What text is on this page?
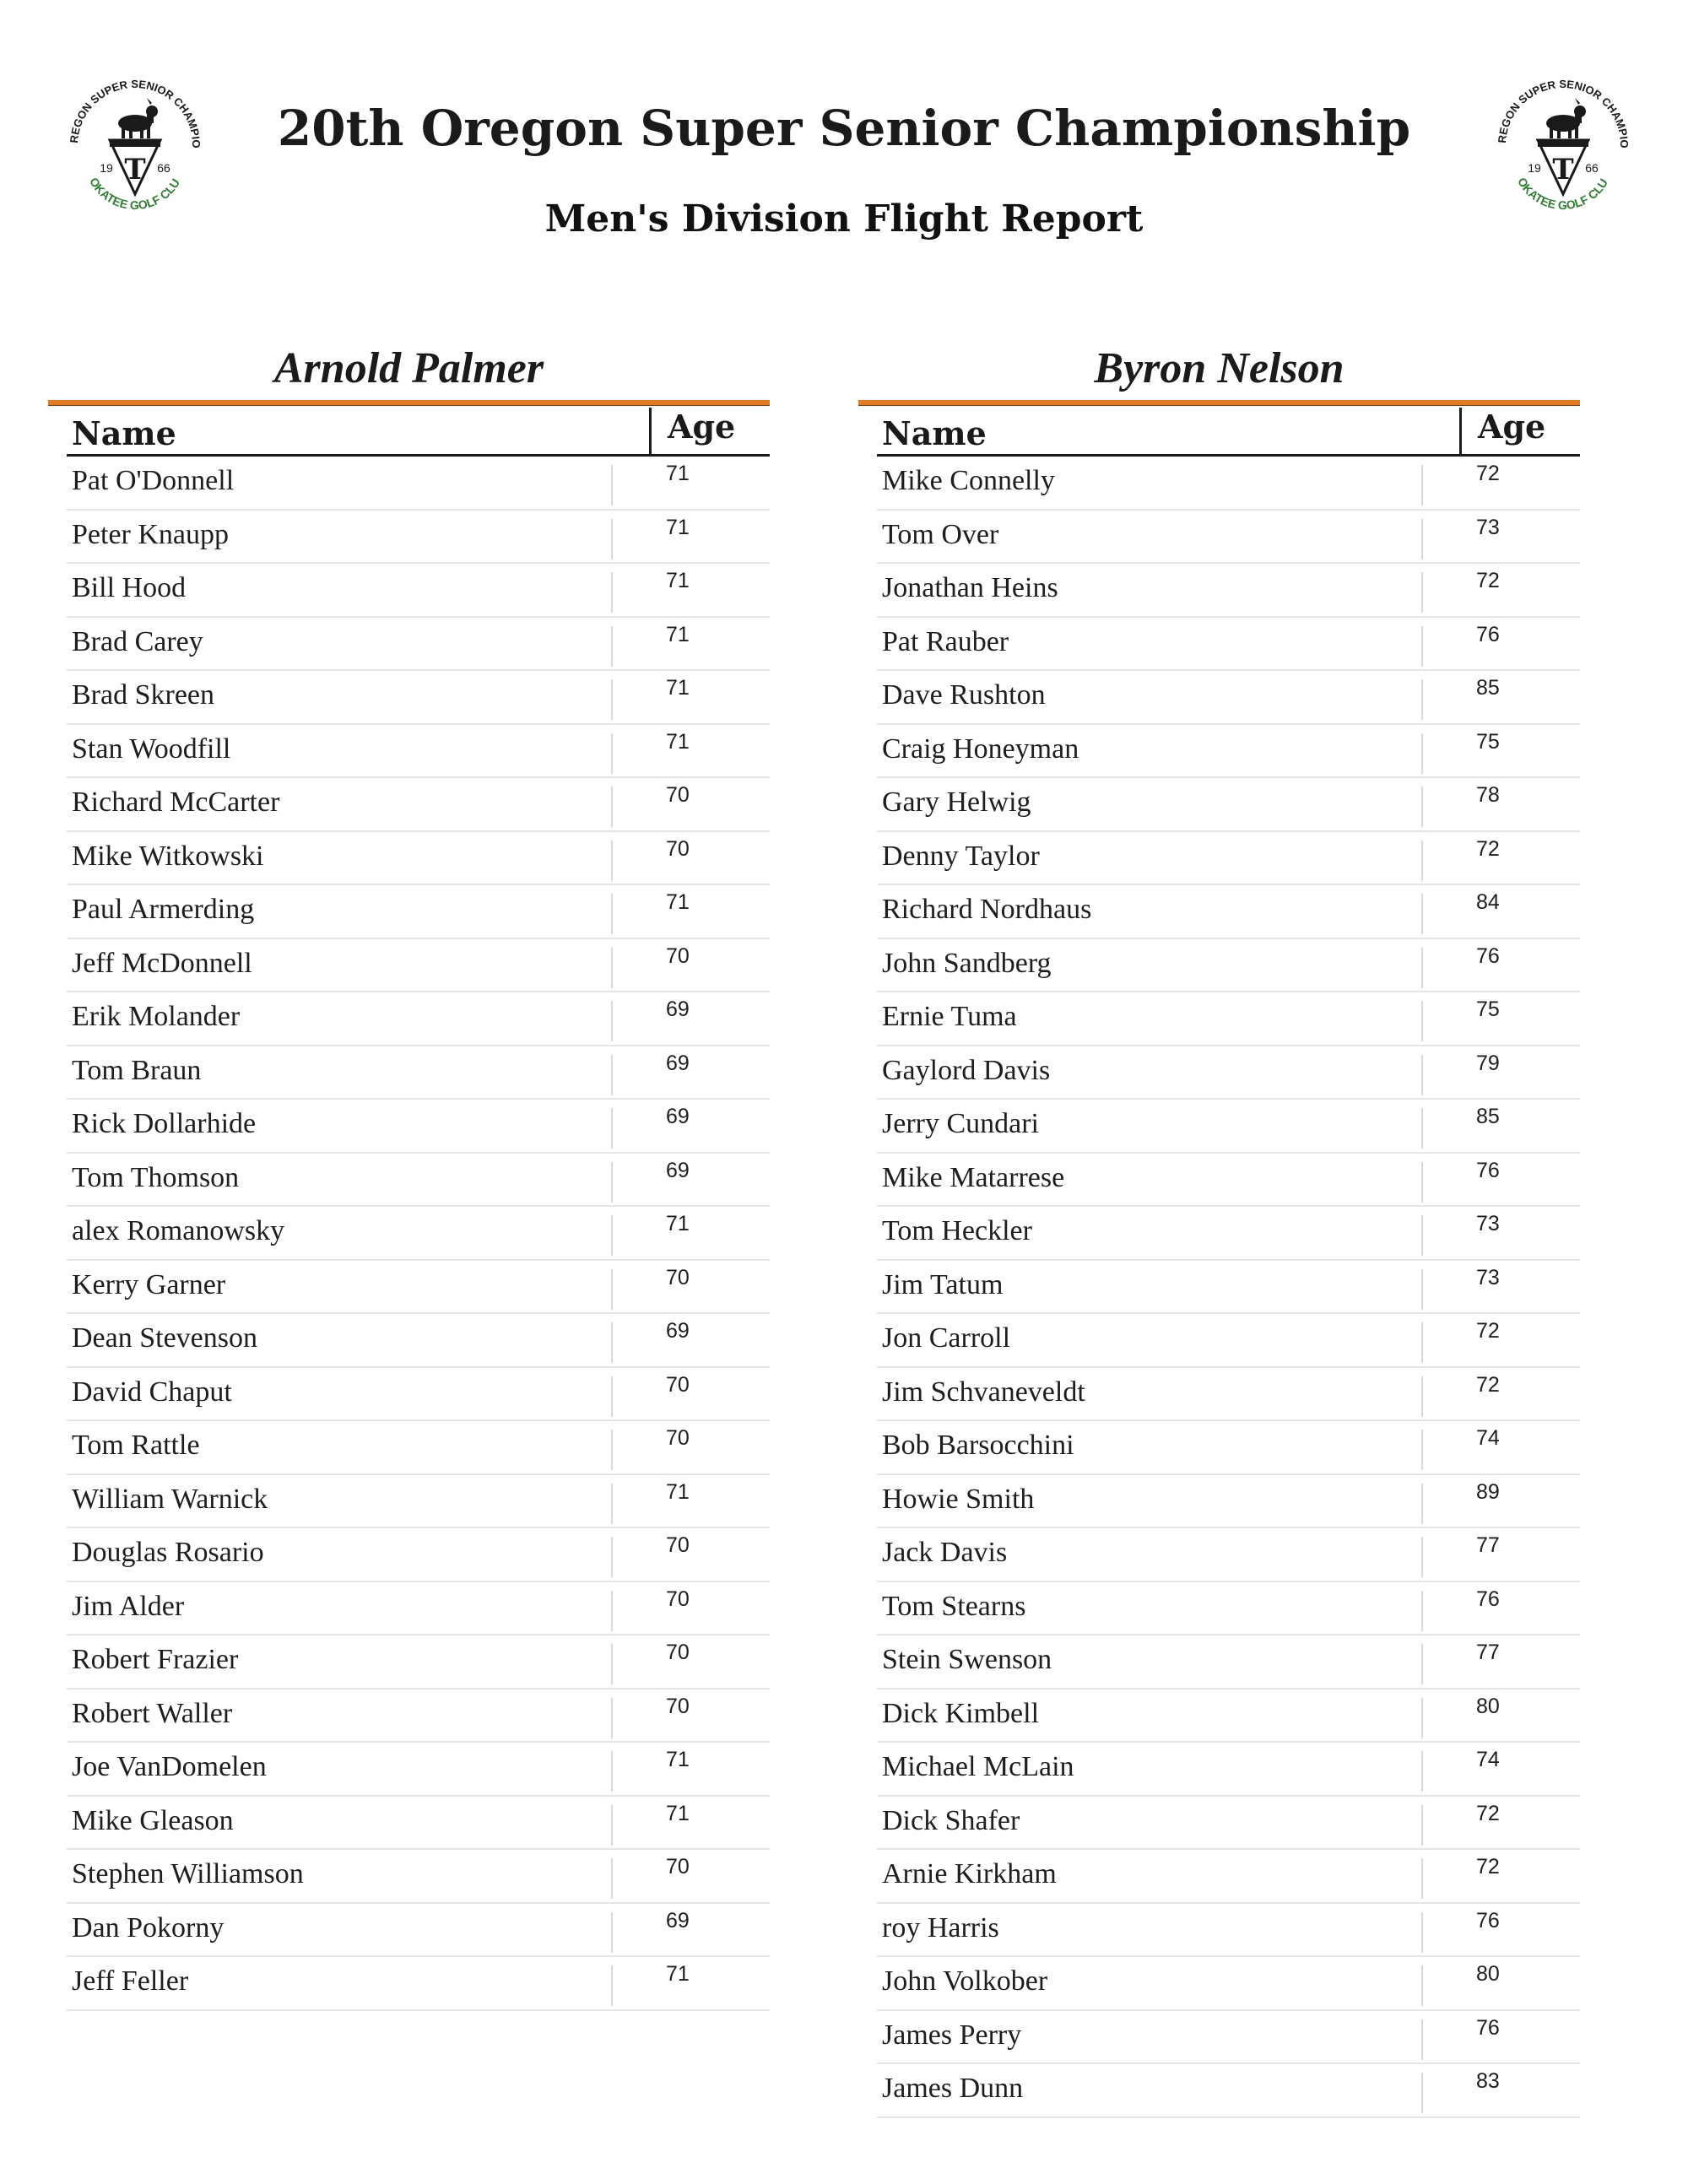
REGON SUPER SENIOR CHAMPIO
OKATEE GOLF CLU
T
19	66
REGON SUPER SENIOR CHAMPIO
OKATEE GOLF CLU
T
19	66
20th Oregon Super Senior Championship
Men's Division Flight Report
Arnold Palmer
Name	Age
Pat O'Donnell	71
Peter Knaupp	71
Bill Hood	71
Brad Carey	71
Brad Skreen	71
Stan Woodfill	71
Richard McCarter	70
Mike Witkowski	70
Paul Armerding	71
Jeff McDonnell	70
Erik Molander	69
Tom Braun	69
Rick Dollarhide	69
Tom Thomson	69
alex Romanowsky	71
Kerry Garner	70
Dean Stevenson	69
David Chaput	70
Tom Rattle	70
William Warnick	71
Douglas Rosario	70
Jim Alder	70
Robert Frazier	70
Robert Waller	70
Joe VanDomelen	71
Mike Gleason	71
Stephen Williamson	70
Dan Pokorny	69
Jeff Feller	71
Byron Nelson
Name	Age
Mike Connelly	72
Tom Over	73
Jonathan Heins	72
Pat Rauber	76
Dave Rushton	85
Craig Honeyman	75
Gary Helwig	78
Denny Taylor	72
Richard Nordhaus	84
John Sandberg	76
Ernie Tuma	75
Gaylord Davis	79
Jerry Cundari	85
Mike Matarrese	76
Tom Heckler	73
Jim Tatum	73
Jon Carroll	72
Jim Schvaneveldt	72
Bob Barsocchini	74
Howie Smith	89
Jack Davis	77
Tom Stearns	76
Stein Swenson	77
Dick Kimbell	80
Michael McLain	74
Dick Shafer	72
Arnie Kirkham	72
roy Harris	76
John Volkober	80
James Perry	76
James Dunn	83
